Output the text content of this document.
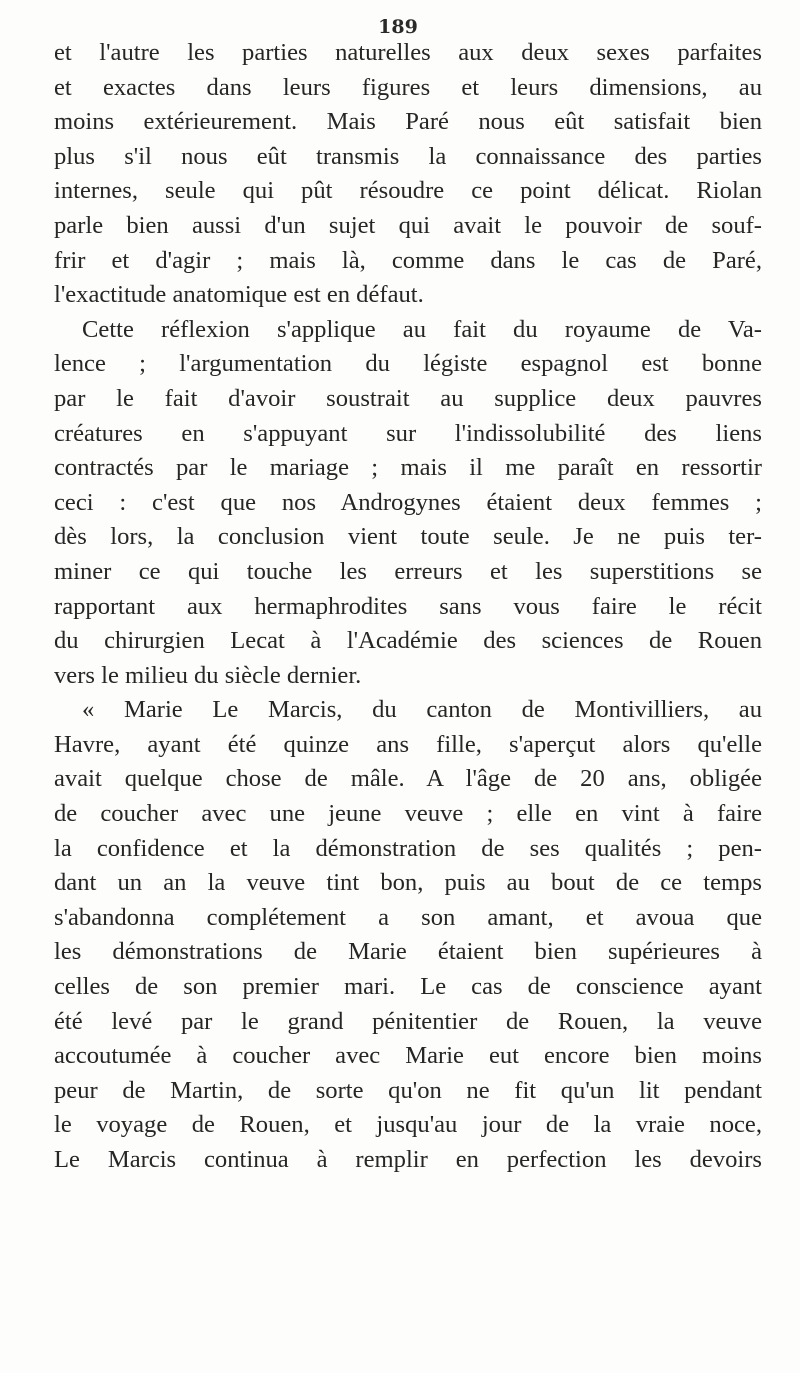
189
et l'autre les parties naturelles aux deux sexes parfaites
et exactes dans leurs figures et leurs dimensions, au
moins extérieurement. Mais Paré nous eût satisfait bien
plus s'il nous eût transmis la connaissance des parties
internes, seule qui pût résoudre ce point délicat. Riolan
parle bien aussi d'un sujet qui avait le pouvoir de souf-
frir et d'agir ; mais là, comme dans le cas de Paré,
l'exactitude anatomique est en défaut.
Cette réflexion s'applique au fait du royaume de Va-
lence ; l'argumentation du légiste espagnol est bonne
par le fait d'avoir soustrait au supplice deux pauvres
créatures en s'appuyant sur l'indissolubilité des liens
contractés par le mariage ; mais il me paraît en ressortir
ceci : c'est que nos Androgynes étaient deux femmes ;
dès lors, la conclusion vient toute seule. Je ne puis ter-
miner ce qui touche les erreurs et les superstitions se
rapportant aux hermaphrodites sans vous faire le récit
du chirurgien Lecat à l'Académie des sciences de Rouen
vers le milieu du siècle dernier.
« Marie Le Marcis, du canton de Montivilliers, au
Havre, ayant été quinze ans fille, s'aperçut alors qu'elle
avait quelque chose de mâle. A l'âge de 20 ans, obligée
de coucher avec une jeune veuve ; elle en vint à faire
la confidence et la démonstration de ses qualités ; pen-
dant un an la veuve tint bon, puis au bout de ce temps
s'abandonna complétement a son amant, et avoua que
les démonstrations de Marie étaient bien supérieures à
celles de son premier mari. Le cas de conscience ayant
été levé par le grand pénitentier de Rouen, la veuve
accoutumée à coucher avec Marie eut encore bien moins
peur de Martin, de sorte qu'on ne fit qu'un lit pendant
le voyage de Rouen, et jusqu'au jour de la vraie noce,
Le Marcis continua à remplir en perfection les devoirs
